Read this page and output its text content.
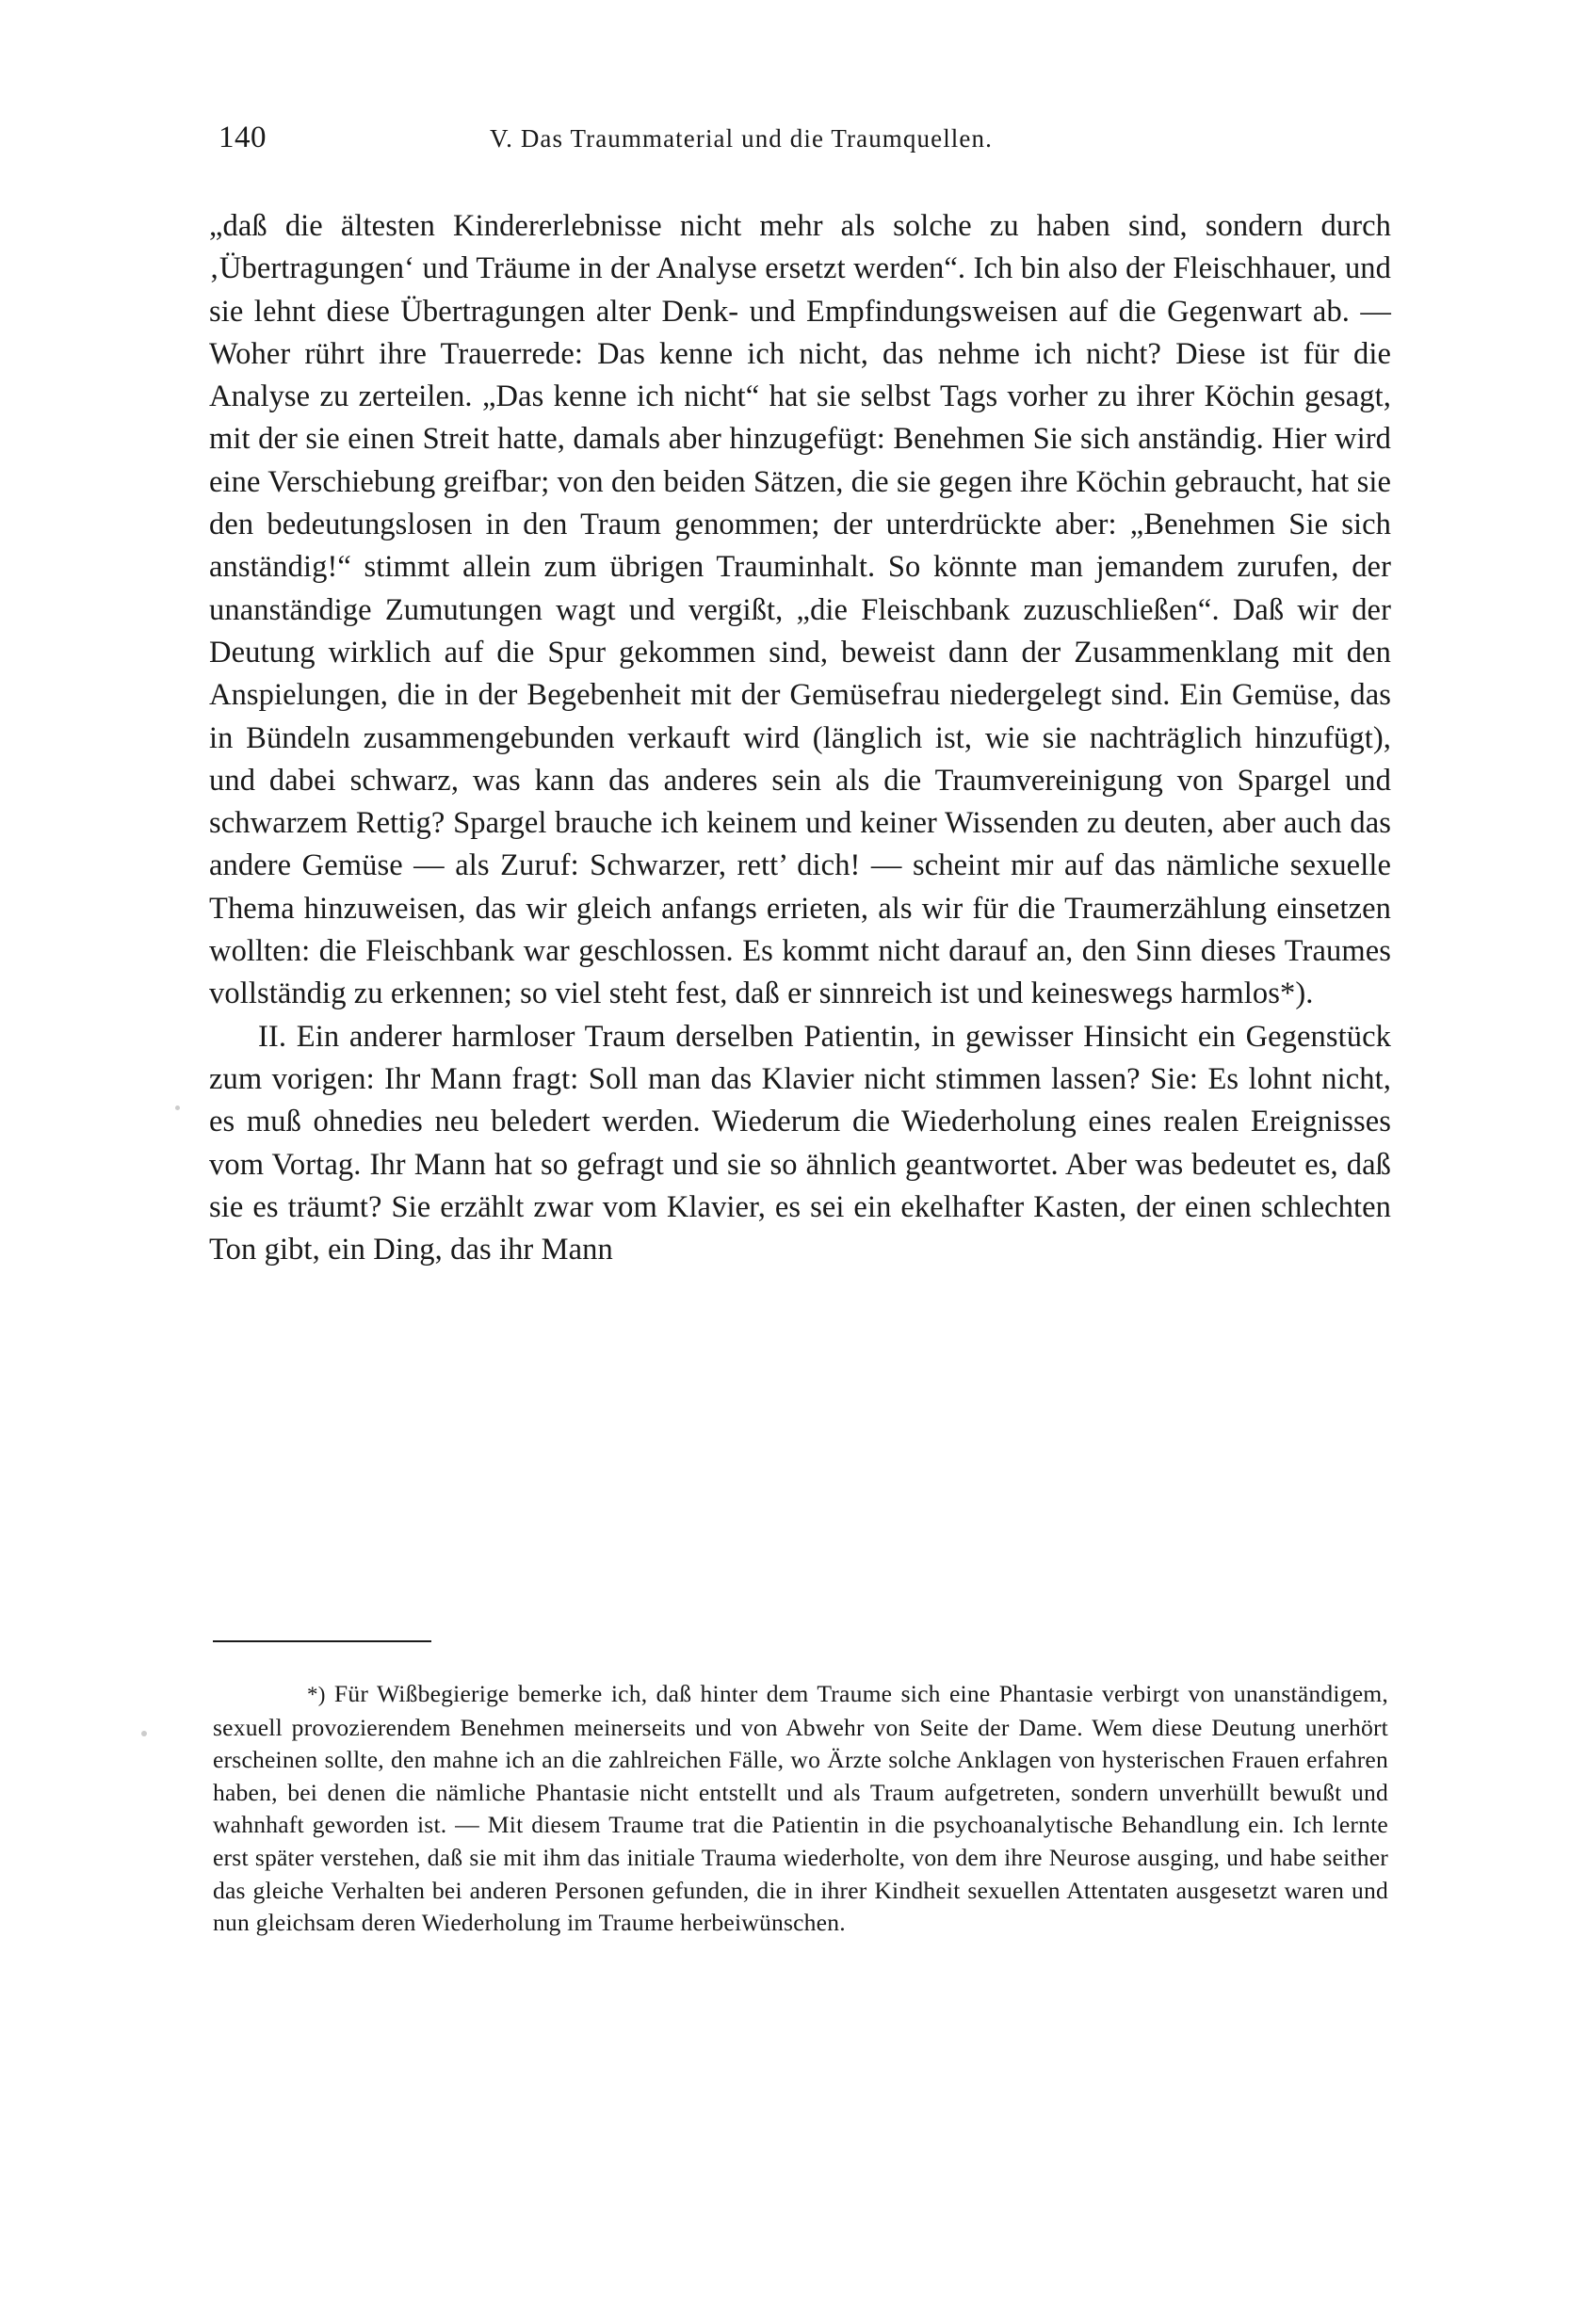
140	V. Das Traummaterial und die Traumquellen.

„daß die ältesten Kindererlebnisse nicht mehr als solche zu haben sind, sondern durch ‚Übertragungen‘ und Träume in der Analyse ersetzt werden“. Ich bin also der Fleischhauer, und sie lehnt diese Übertragungen alter Denk- und Empfindungsweisen auf die Gegenwart ab. — Woher rührt ihre Trauerrede: Das kenne ich nicht, das nehme ich nicht? Diese ist für die Analyse zu zerteilen. „Das kenne ich nicht“ hat sie selbst Tags vorher zu ihrer Köchin gesagt, mit der sie einen Streit hatte, damals aber hinzugefügt: Benehmen Sie sich anständig. Hier wird eine Verschiebung greifbar; von den beiden Sätzen, die sie gegen ihre Köchin gebraucht, hat sie den bedeutungslosen in den Traum genommen; der unterdrückte aber: „Benehmen Sie sich anständig!“ stimmt allein zum übrigen Trauminhalt. So könnte man jemandem zurufen, der unanständige Zumutungen wagt und vergißt, „die Fleischbank zuzuschließen“. Daß wir der Deutung wirklich auf die Spur gekommen sind, beweist dann der Zusammenklang mit den Anspielungen, die in der Begebenheit mit der Gemüsefrau niedergelegt sind. Ein Gemüse, das in Bündeln zusammengebunden verkauft wird (länglich ist, wie sie nachträglich hinzufügt), und dabei schwarz, was kann das anderes sein als die Traumvereinigung von Spargel und schwarzem Rettig? Spargel brauche ich keinem und keiner Wissenden zu deuten, aber auch das andere Gemüse — als Zuruf: Schwarzer, rett’ dich! — scheint mir auf das nämliche sexuelle Thema hinzuweisen, das wir gleich anfangs errieten, als wir für die Traumerzählung einsetzen wollten: die Fleischbank war geschlossen. Es kommt nicht darauf an, den Sinn dieses Traumes vollständig zu erkennen; so viel steht fest, daß er sinnreich ist und keineswegs harmlos*).

II. Ein anderer harmloser Traum derselben Patientin, in gewisser Hinsicht ein Gegenstück zum vorigen: Ihr Mann fragt: Soll man das Klavier nicht stimmen lassen? Sie: Es lohnt nicht, es muß ohnedies neu beledert werden. Wiederum die Wiederholung eines realen Ereignisses vom Vortag. Ihr Mann hat so gefragt und sie so ähnlich geantwortet. Aber was bedeutet es, daß sie es träumt? Sie erzählt zwar vom Klavier, es sei ein ekelhafter Kasten, der einen schlechten Ton gibt, ein Ding, das ihr Mann

*) Für Wißbegierige bemerke ich, daß hinter dem Traume sich eine Phantasie verbirgt von unanständigem, sexuell provozierendem Benehmen meinerseits und von Abwehr von Seite der Dame. Wem diese Deutung unerhört erscheinen sollte, den mahne ich an die zahlreichen Fälle, wo Ärzte solche Anklagen von hysterischen Frauen erfahren haben, bei denen die nämliche Phantasie nicht entstellt und als Traum aufgetreten, sondern unverhüllt bewußt und wahnhaft geworden ist. — Mit diesem Traume trat die Patientin in die psychoanalytische Behandlung ein. Ich lernte erst später verstehen, daß sie mit ihm das initiale Trauma wiederholte, von dem ihre Neurose ausging, und habe seither das gleiche Verhalten bei anderen Personen gefunden, die in ihrer Kindheit sexuellen Attentaten ausgesetzt waren und nun gleichsam deren Wiederholung im Traume herbeiwünschen.
